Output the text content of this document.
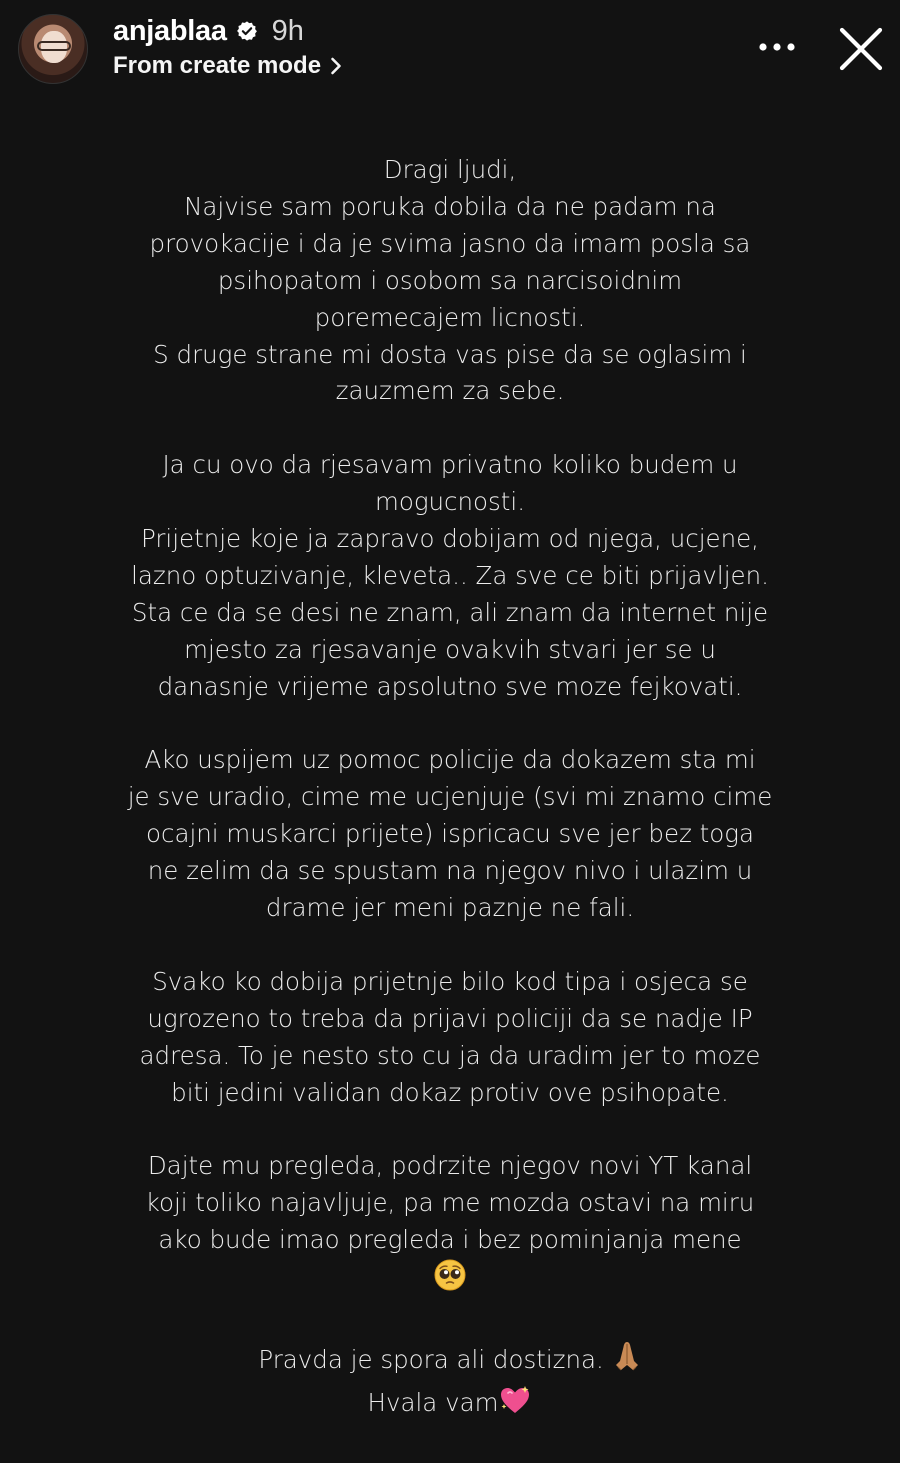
anjablaa 9h
From create mode
Dragi ljudi,
Najvise sam poruka dobila da ne padam na
provokacije i da je svima jasno da imam posla sa
psihopatom i osobom sa narcisoidnim
poremecajem licnosti.
S druge strane mi dosta vas pise da se oglasim i
zauzmem za sebe.
Ja cu ovo da rjesavam privatno koliko budem u
mogucnosti.
Prijetnje koje ja zapravo dobijam od njega, ucjene,
lazno optuzivanje, kleveta.. Za sve ce biti prijavljen.
Sta ce da se desi ne znam, ali znam da internet nije
mjesto za rjesavanje ovakvih stvari jer se u
danasnje vrijeme apsolutno sve moze fejkovati.
Ako uspijem uz pomoc policije da dokazem sta mi
je sve uradio, cime me ucjenjuje (svi mi znamo cime
ocajni muskarci prijete) ispricacu sve jer bez toga
ne zelim da se spustam na njegov nivo i ulazim u
drame jer meni paznje ne fali.
Svako ko dobija prijetnje bilo kod tipa i osjeca se
ugrozeno to treba da prijavi policiji da se nadje IP
adresa. To je nesto sto cu ja da uradim jer to moze
biti jedini validan dokaz protiv ove psihopate.
Dajte mu pregleda, podrzite njegov novi YT kanal
koji toliko najavljuje, pa me mozda ostavi na miru
ako bude imao pregleda i bez pominjanja mene
Pravda je spora ali dostizna.
Hvala vam
